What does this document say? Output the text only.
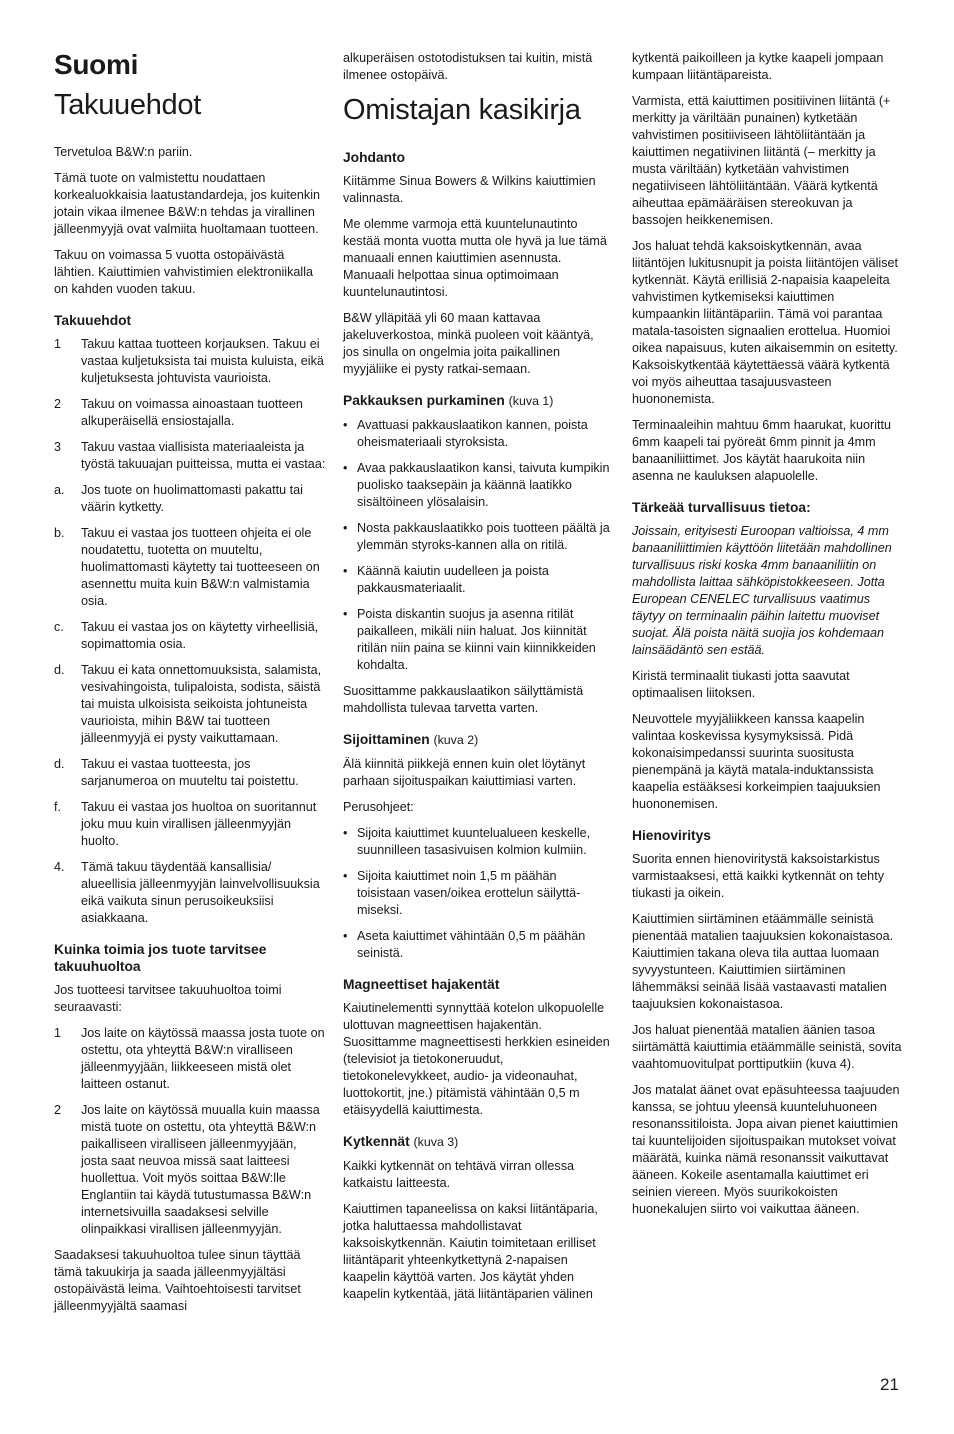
Suomi
Takuuehdot

Tervetuloa B&W:n pariin.

Tämä tuote on valmistettu noudattaen korkealuokkaisia laatustandardeja, jos kuitenkin jotain vikaa ilmenee B&W:n tehdas ja virallinen jälleenmyyjä ovat valmiita huoltamaan tuotteen.

Takuu on voimassa 5 vuotta ostopäivästä lähtien. Kaiuttimien vahvistimien elektroniikalla on kahden vuoden takuu.

Takuuehdot
1	Takuu kattaa tuotteen korjauksen. Takuu ei vastaa kuljetuksista tai muista kuluista, eikä kuljetuksesta johtuvista vaurioista.
2	Takuu on voimassa ainoastaan tuotteen alkuperäisellä ensiostajalla.
3	Takuu vastaa viallisista materiaaleista ja työstä takuuajan puitteissa, mutta ei vastaa:
a.	Jos tuote on huolimattomasti pakattu tai väärin kytketty.
b.	Takuu ei vastaa jos tuotteen ohjeita ei ole noudatettu, tuotetta on muuteltu, huolimattomasti käytetty tai tuotteeseen on asennettu muita kuin B&W:n valmistamia osia.
c.	Takuu ei vastaa jos on käytetty virheellisiä, sopimattomia osia.
d.	Takuu ei kata onnettomuuksista, salamista, vesivahingoista, tulipaloista, sodista, säistä tai muista ulkoisista seikoista johtuneista vaurioista, mihin B&W tai tuotteen jälleenmyyjä ei pysty vaikuttamaan.
d.	Takuu ei vastaa tuotteesta, jos sarjanumeroa on muuteltu tai poistettu.
f.	Takuu ei vastaa jos huoltoa on suoritannut joku muu kuin virallisen jälleenmyyjän huolto.
4.	Tämä takuu täydentää kansallisia/ alueellisia jälleenmyyjän lainvelvollisuuksia eikä vaikuta sinun perusoikeuksiisi asiakkaana.
Kuinka toimia jos tuote tarvitsee takuuhuoltoa

Jos tuotteesi tarvitsee takuuhuoltoa toimi seuraavasti:

1	Jos laite on käytössä maassa josta tuote on ostettu, ota yhteyttä B&W:n viralliseen jälleenmyyjään, liikkeeseen mistä olet laitteen ostanut.
2	Jos laite on käytössä muualla kuin maassa mistä tuote on ostettu, ota yhteyttä B&W:n paikalliseen viralliseen jälleenmyyjään, josta saat neuvoa missä saat laitteesi huollettua. Voit myös soittaa B&W:lle Englantiin tai käydä tutustumassa B&W:n internetsivuilla saadaksesi selville olinpaikkasi virallisen jälleenmyyjän.

Saadaksesi takuuhuoltoa tulee sinun täyttää tämä takuukirja ja saada jälleenmyyjältäsi ostopäivästä leima. Vaihtoehtoisesti tarvitset jälleenmyyjältä saamasi

alkuperäisen ostotodistuksen tai kuitin, mistä ilmenee ostopäivä.

Omistajan kasikirja
Johdanto

Kiitämme Sinua Bowers & Wilkins kaiuttimien valinnasta.

Me olemme varmoja että kuuntelunautinto kestää monta vuotta mutta ole hyvä ja lue tämä manuaali ennen kaiuttimien asennusta. Manuaali helpottaa sinua optimoimaan kuuntelunautintosi.

B&W ylläpitää yli 60 maan kattavaa jakeluverkostoa, minkä puoleen voit kääntyä, jos sinulla on ongelmia joita paikallinen myyjäliike ei pysty ratkai-semaan.

Pakkauksen purkaminen (kuva 1)
• Avattuasi pakkauslaatikon kannen, poista oheismateriaali styroksista.
• Avaa pakkauslaatikon kansi, taivuta kumpikin puolisko taaksepäin ja käännä laatikko sisältöineen ylösalaisin.
• Nosta pakkauslaatikko pois tuotteen päältä ja ylemmän styroks-kannen alla on ritilä.
• Käännä kaiutin uudelleen ja poista pakkausmateriaalit.
• Poista diskantin suojus ja asenna ritilät paikalleen, mikäli niin haluat. Jos kiinnität ritilän niin paina se kiinni vain kiinnikkeiden kohdalta.

Suosittamme pakkauslaatikon säilyttämistä mahdollista tulevaa tarvetta varten.

Sijoittaminen (kuva 2)

Älä kiinnitä piikkejä ennen kuin olet löytänyt parhaan sijoituspaikan kaiuttimiasi varten.

Perusohjeet:

• Sijoita kaiuttimet kuuntelualueen keskelle, suunnilleen tasasivuisen kolmion kulmiin.
• Sijoita kaiuttimet noin 1,5 m päähän toisistaan vasen/oikea erottelun säilyttä-miseksi.
• Aseta kaiuttimet vähintään 0,5 m päähän seinistä.
Magneettiset hajakentät

Kaiutinelementti synnyttää kotelon ulkopuolelle ulottuvan magneettisen hajakentän. Suosittamme magneettisesti herkkien esineiden (televisiot ja tietokoneruudut, tietokonelevykkeet, audio- ja videonauhat, luottokortit, jne.) pitämistä vähintään 0,5 m etäisyydellä kaiuttimesta.

Kytkennät (kuva 3)

Kaikki kytkennät on tehtävä virran ollessa katkaistu laitteesta.

Kaiuttimen tapaneelissa on kaksi liitäntäparia, jotka haluttaessa mahdollistavat kaksoiskytkennän. Kaiutin toimitetaan erilliset liitäntäparit yhteenkytkettynä 2-napaisen kaapelin käyttöä varten. Jos käytät yhden kaapelin kytkentää, jätä liitäntäparien välinen

kytkentä paikoilleen ja kytke kaapeli jompaan kumpaan liitäntäpareista.

Varmista, että kaiuttimen positiivinen liitäntä (+ merkitty ja väriltään punainen) kytketään vahvistimen positiiviseen lähtöliitäntään ja kaiuttimen negatiivinen liitäntä (– merkitty ja musta väriltään) kytketään vahvistimen negatiiviseen lähtöliitäntään. Väärä kytkentä aiheuttaa epämääräisen stereokuvan ja bassojen heikkenemisen.

Jos haluat tehdä kaksoiskytkennän, avaa liitäntöjen lukitusnupit ja poista liitäntöjen väliset kytkennät. Käytä erillisiä 2-napaisia kaapeleita vahvistimen kytkemiseksi kaiuttimen kumpaankin liitäntäpariin. Tämä voi parantaa matala-tasoisten signaalien erottelua. Huomioi oikea napaisuus, kuten aikaisemmin on esitetty. Kaksoiskytkentää käytettäessä väärä kytkentä voi myös aiheuttaa tasajuusvasteen huononemista.

Terminaaleihin mahtuu 6mm haarukat, kuorittu 6mm kaapeli tai pyöreät 6mm pinnit ja 4mm banaaniliittimet. Jos käytät haarukoita niin asenna ne kauluksen alapuolelle.

Tärkeää turvallisuus tietoa:

Joissain, erityisesti Euroopan valtioissa, 4 mm banaaniliittimien käyttöön liitetään mahdollinen turvallisuus riski koska 4mm banaaniliitin on mahdollista laittaa sähköpistokkeeseen. Jotta European CENELEC turvallisuus vaatimus täytyy on terminaalin päihin laitettu muoviset suojat. Älä poista näitä suojia jos kohdemaan lainsäädäntö sen estää.

Kiristä terminaalit tiukasti jotta saavutat optimaalisen liitoksen.

Neuvottele myyjäliikkeen kanssa kaapelin valintaa koskevissa kysymyksissä. Pidä kokonaisimpedanssi suurinta suositusta pienempänä ja käytä matala-induktanssista kaapelia estääksesi korkeimpien taajuuksien huononemisen.

Hienoviritys

Suorita ennen hienoviritystä kaksoistarkistus varmistaaksesi, että kaikki kytkennät on tehty tiukasti ja oikein.

Kaiuttimien siirtäminen etäämmälle seinistä pienentää matalien taajuuksien kokonaistasoa. Kaiuttimien takana oleva tila auttaa luomaan syvyystunteen. Kaiuttimien siirtäminen lähemmäksi seinää lisää vastaavasti matalien taajuuksien kokonaistasoa.

Jos haluat pienentää matalien äänien tasoa siirtämättä kaiuttimia etäämmälle seinistä, sovita vaahtomuovitulpat porttiputkiin (kuva 4).

Jos matalat äänet ovat epäsuhteessa taajuuden kanssa, se johtuu yleensä kuunteluhuoneen resonanssitiloista. Jopa aivan pienet kaiuttimien tai kuuntelijoiden sijoituspaikan mutokset voivat määrätä, kuinka nämä resonanssit vaikuttavat ääneen. Kokeile asentamalla kaiuttimet eri seinien viereen. Myös suurikokoisten huonekalujen siirto voi vaikuttaa ääneen.

21
